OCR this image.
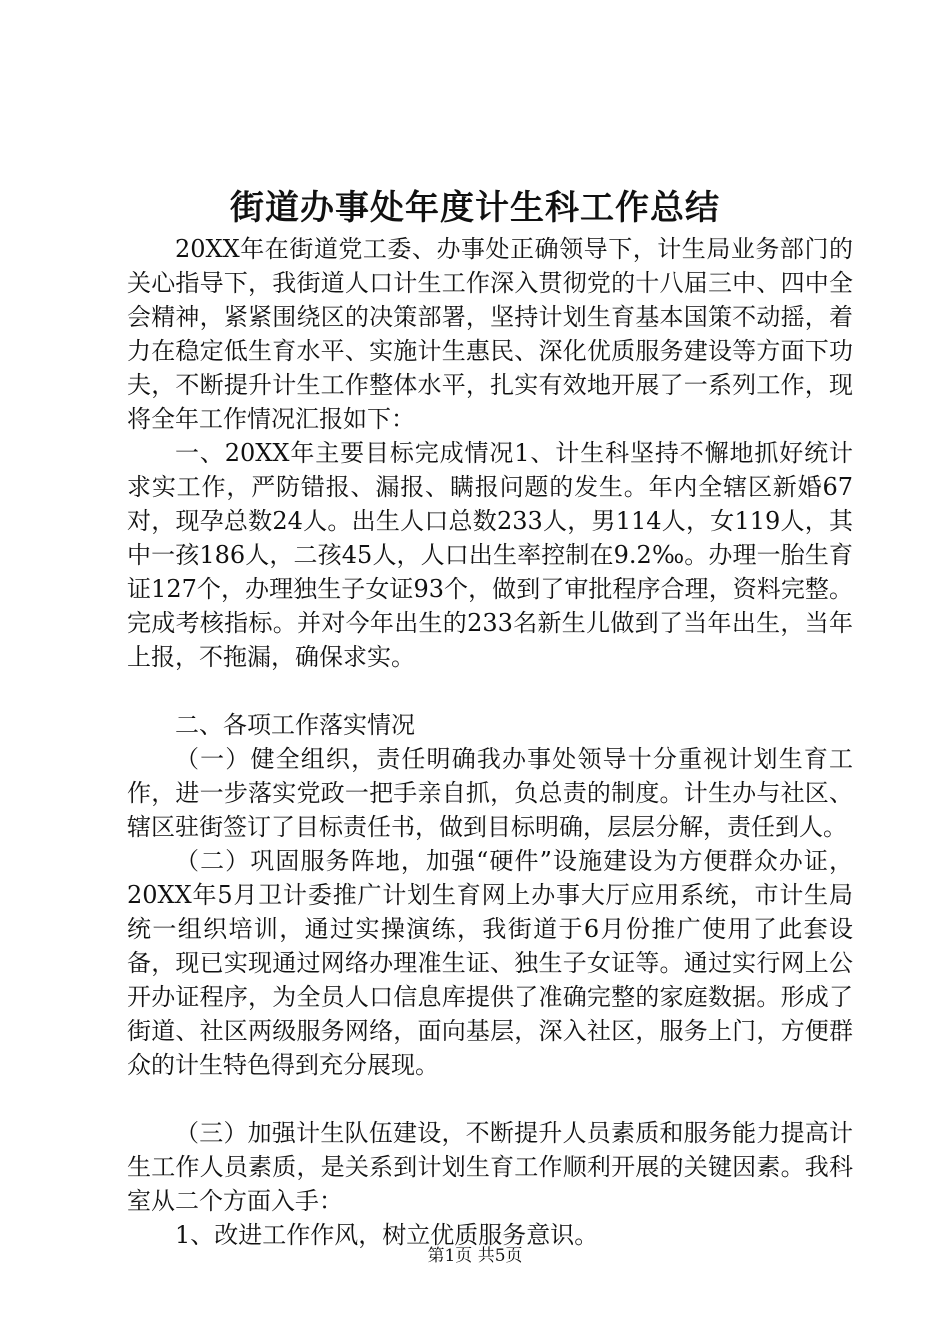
街道办事处年度计生科工作总结

20XX年在街道党工委、办事处正确领导下，计生局业务部门的关心指导下，我街道人口计生工作深入贯彻党的十八届三中、四中全会精神，紧紧围绕区的决策部署，坚持计划生育基本国策不动摇，着力在稳定低生育水平、实施计生惠民、深化优质服务建设等方面下功夫，不断提升计生工作整体水平，扎实有效地开展了一系列工作，现将全年工作情况汇报如下：

一、20XX年主要目标完成情况1、计生科坚持不懈地抓好统计求实工作，严防错报、漏报、瞒报问题的发生。年内全辖区新婚67对，现孕总数24人。出生人口总数233人，男114人，女119人，其中一孩186人，二孩45人，人口出生率控制在9.2‰。办理一胎生育证127个，办理独生子女证93个，做到了审批程序合理，资料完整。完成考核指标。并对今年出生的233名新生儿做到了当年出生，当年上报，不拖漏，确保求实。

二、各项工作落实情况

（一）健全组织，责任明确我办事处领导十分重视计划生育工作，进一步落实党政一把手亲自抓，负总责的制度。计生办与社区、辖区驻街签订了目标责任书，做到目标明确，层层分解，责任到人。

（二）巩固服务阵地，加强“硬件”设施建设为方便群众办证，20XX年5月卫计委推广计划生育网上办事大厅应用系统，市计生局统一组织培训，通过实操演练，我街道于6月份推广使用了此套设备，现已实现通过网络办理准生证、独生子女证等。通过实行网上公开办证程序，为全员人口信息库提供了准确完整的家庭数据。形成了街道、社区两级服务网络，面向基层，深入社区，服务上门，方便群众的计生特色得到充分展现。

（三）加强计生队伍建设，不断提升人员素质和服务能力提高计生工作人员素质，是关系到计划生育工作顺利开展的关键因素。我科室从二个方面入手：

1、改进工作作风，树立优质服务意识。

第1页 共5页
